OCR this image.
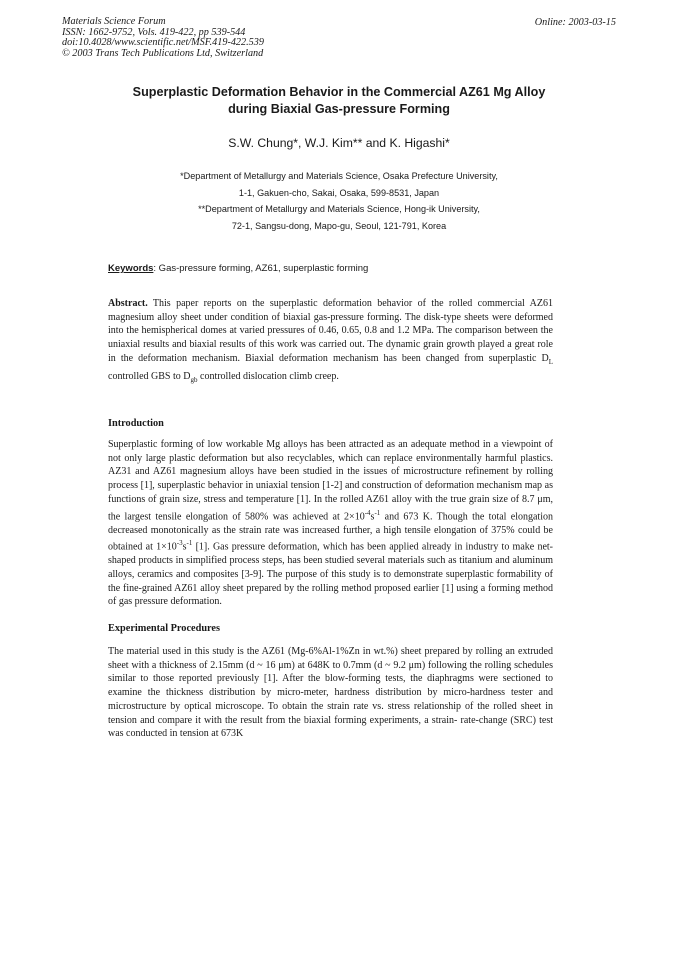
Materials Science Forum
ISSN: 1662-9752, Vols. 419-422, pp 539-544
doi:10.4028/www.scientific.net/MSF.419-422.539
© 2003 Trans Tech Publications Ltd, Switzerland
Online: 2003-03-15
Superplastic Deformation Behavior in the Commercial AZ61 Mg Alloy
during Biaxial Gas-pressure Forming
S.W. Chung*, W.J. Kim** and K. Higashi*
*Department of Metallurgy and Materials Science, Osaka Prefecture University,
1-1, Gakuen-cho, Sakai, Osaka, 599-8531, Japan
**Department of Metallurgy and Materials Science, Hong-ik University,
72-1, Sangsu-dong, Mapo-gu, Seoul, 121-791, Korea
Keywords: Gas-pressure forming, AZ61, superplastic forming

Abstract. This paper reports on the superplastic deformation behavior of the rolled commercial AZ61 magnesium alloy sheet under condition of biaxial gas-pressure forming. The disk-type sheets were deformed into the hemispherical domes at varied pressures of 0.46, 0.65, 0.8 and 1.2 MPa. The comparison between the uniaxial results and biaxial results of this work was carried out. The dynamic grain growth played a great role in the deformation mechanism. Biaxial deformation mechanism has been changed from superplastic $D_L$ controlled GBS to $D_{gb}$ controlled dislocation climb creep.

Introduction

Superplastic forming of low workable Mg alloys has been attracted as an adequate method in a viewpoint of not only large plastic deformation but also recyclables, which can replace environmentally harmful plastics. AZ31 and AZ61 magnesium alloys have been studied in the issues of microstructure refinement by rolling process [1], superplastic behavior in uniaxial tension [1-2] and construction of deformation mechanism map as functions of grain size, stress and temperature [1]. In the rolled AZ61 alloy with the true grain size of 8.7 μm, the largest tensile elongation of 580% was achieved at $2\times 10^{-4}s^{-1}$ and 673 K. Though the total elongation decreased monotonically as the strain rate was increased further, a high tensile elongation of 375% could be obtained at $1\times 10^{-3}s^{-1}$ [1]. Gas pressure deformation, which has been applied already in industry to make net-shaped products in simplified process steps, has been studied several materials such as titanium and aluminum alloys, ceramics and composites [3-9]. The purpose of this study is to demonstrate superplastic formability of the fine-grained AZ61 alloy sheet prepared by the rolling method proposed earlier [1] using a forming method of gas pressure deformation.

Experimental Procedures

The material used in this study is the AZ61 (Mg-6%Al-1%Zn in wt.%) sheet prepared by rolling an extruded sheet with a thickness of 2.15mm (d ~ 16 μm) at 648K to 0.7mm (d ~ 9.2 μm) following the rolling schedules similar to those reported previously [1]. After the blow-forming tests, the diaphragms were sectioned to examine the thickness distribution by micro-meter, hardness distribution by micro-hardness tester and microstructure by optical microscope. To obtain the strain rate vs. stress relationship of the rolled sheet in tension and compare it with the result from the biaxial forming experiments, a strain- rate-change (SRC) test was conducted in tension at 673K
